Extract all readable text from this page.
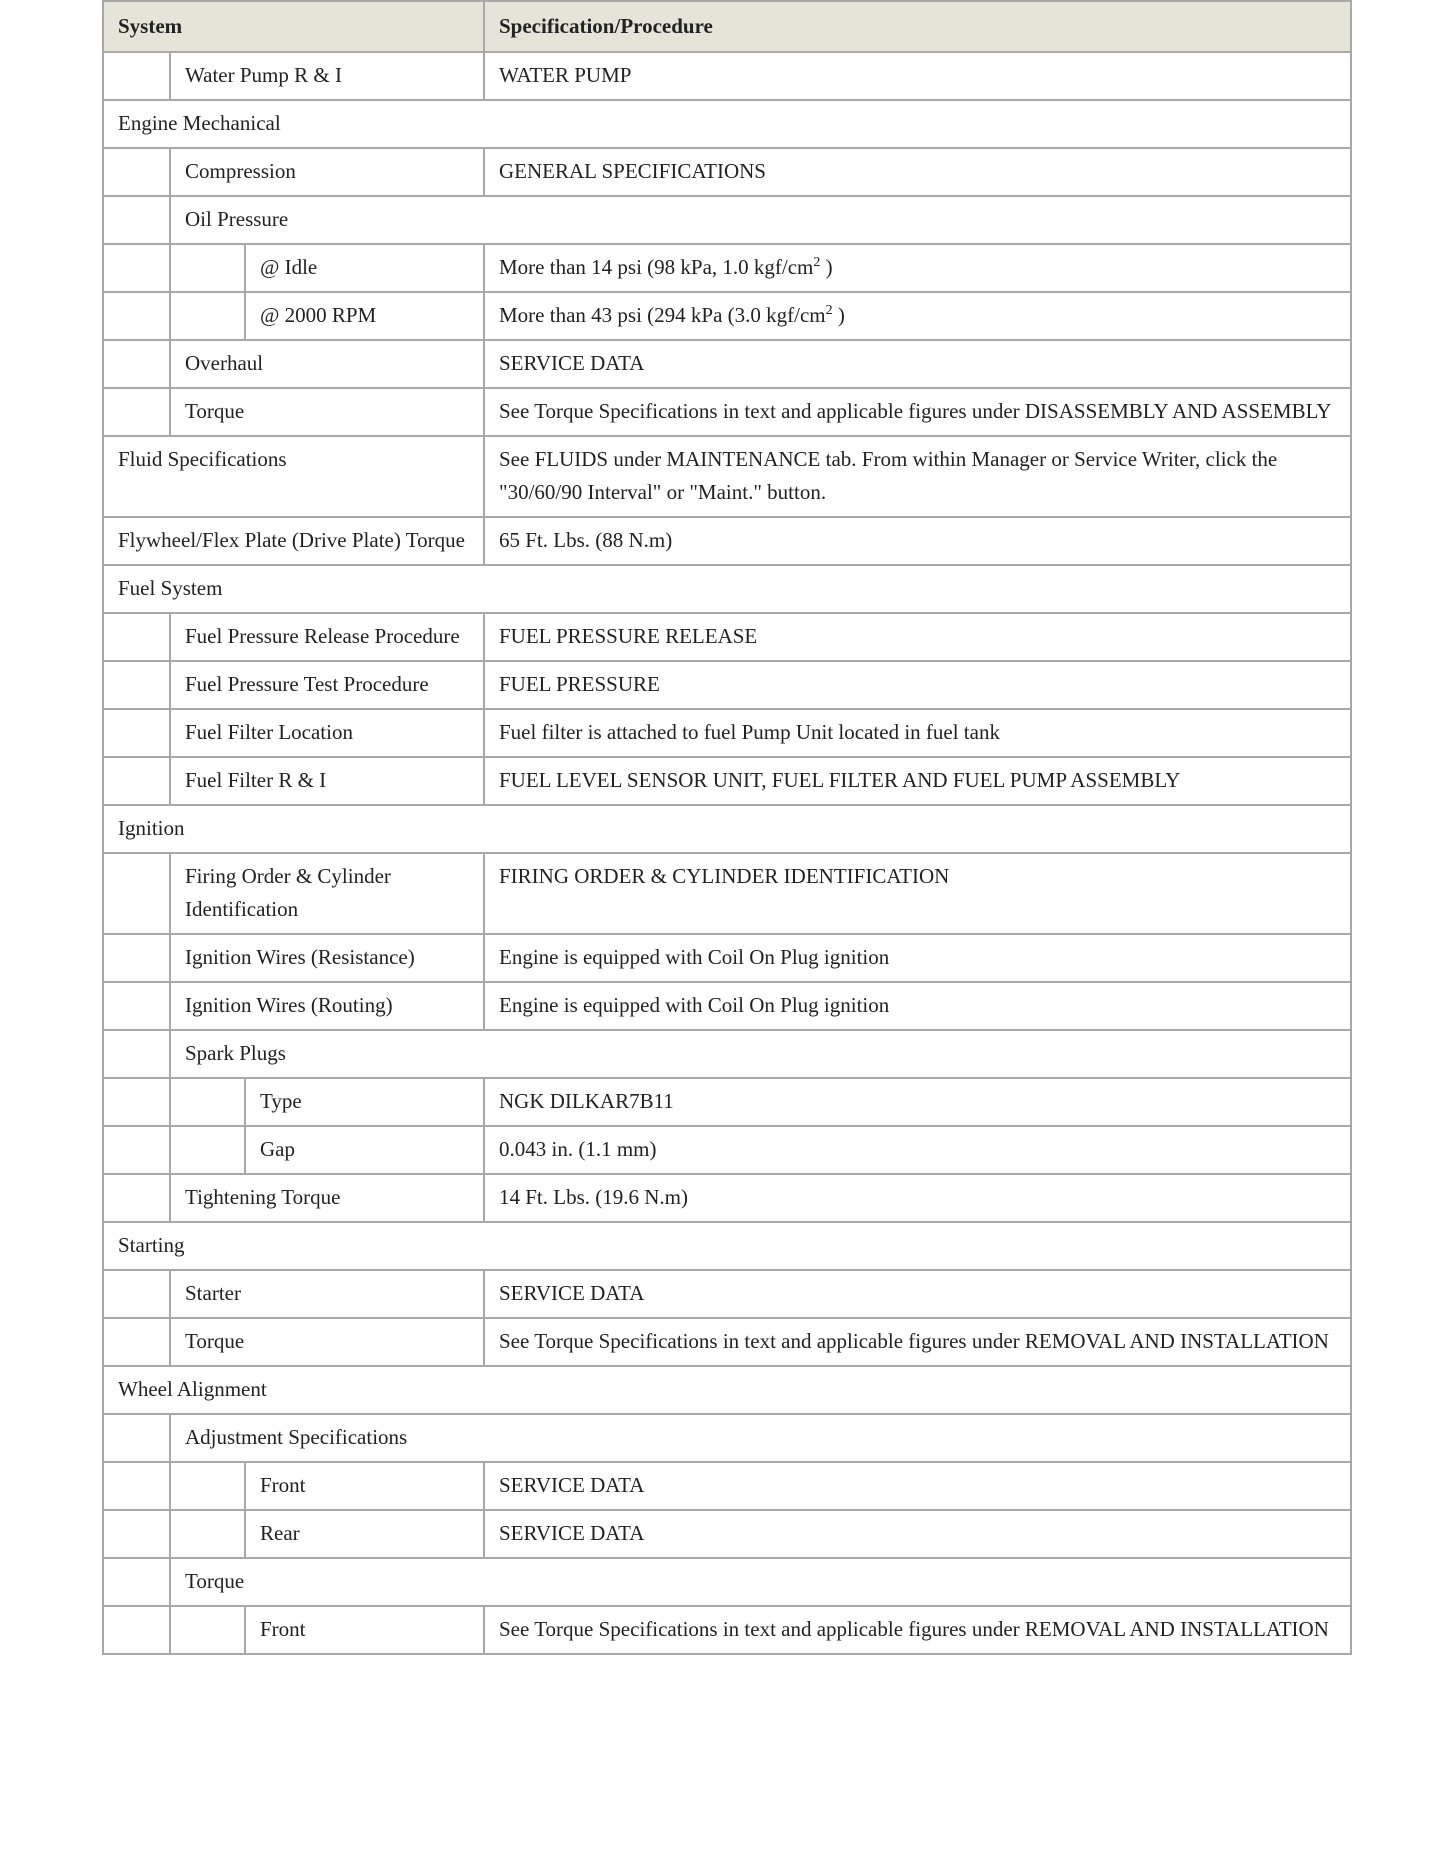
System			Specification/Procedure
	Water Pump R & I		WATER PUMP
Engine Mechanical			
	Compression		GENERAL SPECIFICATIONS
	Oil Pressure		
		@ Idle	More than 14 psi (98 kPa, 1.0 kgf/$cm^2$ )
		@ 2000 RPM	More than 43 psi (294 kPa (3.0 kgf/$cm^2$ )
	Overhaul		SERVICE DATA
	Torque		See Torque Specifications in text and applicable figures under DISASSEMBLY AND ASSEMBLY
Fluid Specifications			See FLUIDS under MAINTENANCE tab. From within Manager or Service Writer, click the "30/60/90 Interval" or "Maint." button.
Flywheel/Flex Plate (Drive Plate) Torque			65 Ft. Lbs. (88 N.m)
Fuel System			
	Fuel Pressure Release Procedure		FUEL PRESSURE RELEASE
	Fuel Pressure Test Procedure		FUEL PRESSURE
	Fuel Filter Location		Fuel filter is attached to fuel Pump Unit located in fuel tank
	Fuel Filter R & I		FUEL LEVEL SENSOR UNIT, FUEL FILTER AND FUEL PUMP ASSEMBLY
Ignition			
	Firing Order & Cylinder Identification		FIRING ORDER & CYLINDER IDENTIFICATION
	Ignition Wires (Resistance)		Engine is equipped with Coil On Plug ignition
	Ignition Wires (Routing)		Engine is equipped with Coil On Plug ignition
	Spark Plugs		
		Type	NGK DILKAR7B11
		Gap	0.043 in. (1.1 mm)
	Tightening Torque		14 Ft. Lbs. (19.6 N.m)
Starting			
	Starter		SERVICE DATA
	Torque		See Torque Specifications in text and applicable figures under REMOVAL AND INSTALLATION
Wheel Alignment			
	Adjustment Specifications		
		Front	SERVICE DATA
		Rear	SERVICE DATA
	Torque		
		Front	See Torque Specifications in text and applicable figures under REMOVAL AND INSTALLATION
